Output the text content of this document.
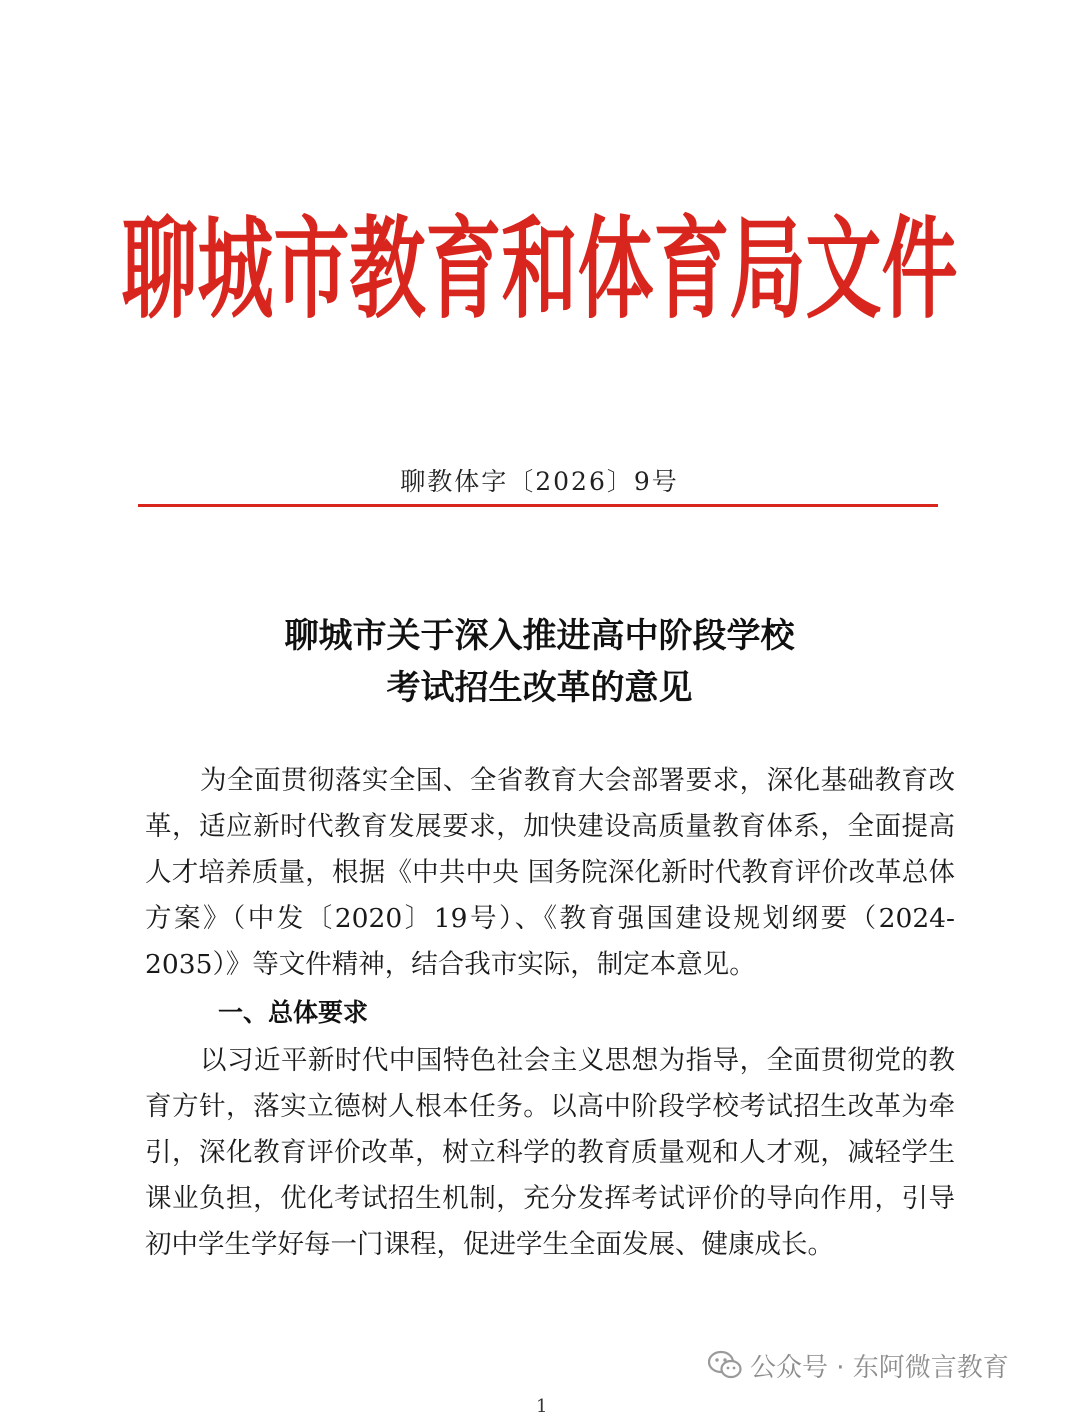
聊城市教育和体育局文件
聊教体字〔2026〕9号
聊城市关于深入推进高中阶段学校
考试招生改革的意见

为全面贯彻落实全国、全省教育大会部署要求，深化基础教育改革，适应新时代教育发展要求，加快建设高质量教育体系，全面提高人才培养质量，根据《中共中央 国务院深化新时代教育评价改革总体方案》（中发〔2020〕19号）、《教育强国建设规划纲要（2024-2035）》等文件精神，结合我市实际，制定本意见。

一、总体要求

以习近平新时代中国特色社会主义思想为指导，全面贯彻党的教育方针，落实立德树人根本任务。以高中阶段学校考试招生改革为牵引，深化教育评价改革，树立科学的教育质量观和人才观，减轻学生课业负担，优化考试招生机制，充分发挥考试评价的导向作用，引导初中学生学好每一门课程，促进学生全面发展、健康成长。

公众号 · 东阿微言教育
1
